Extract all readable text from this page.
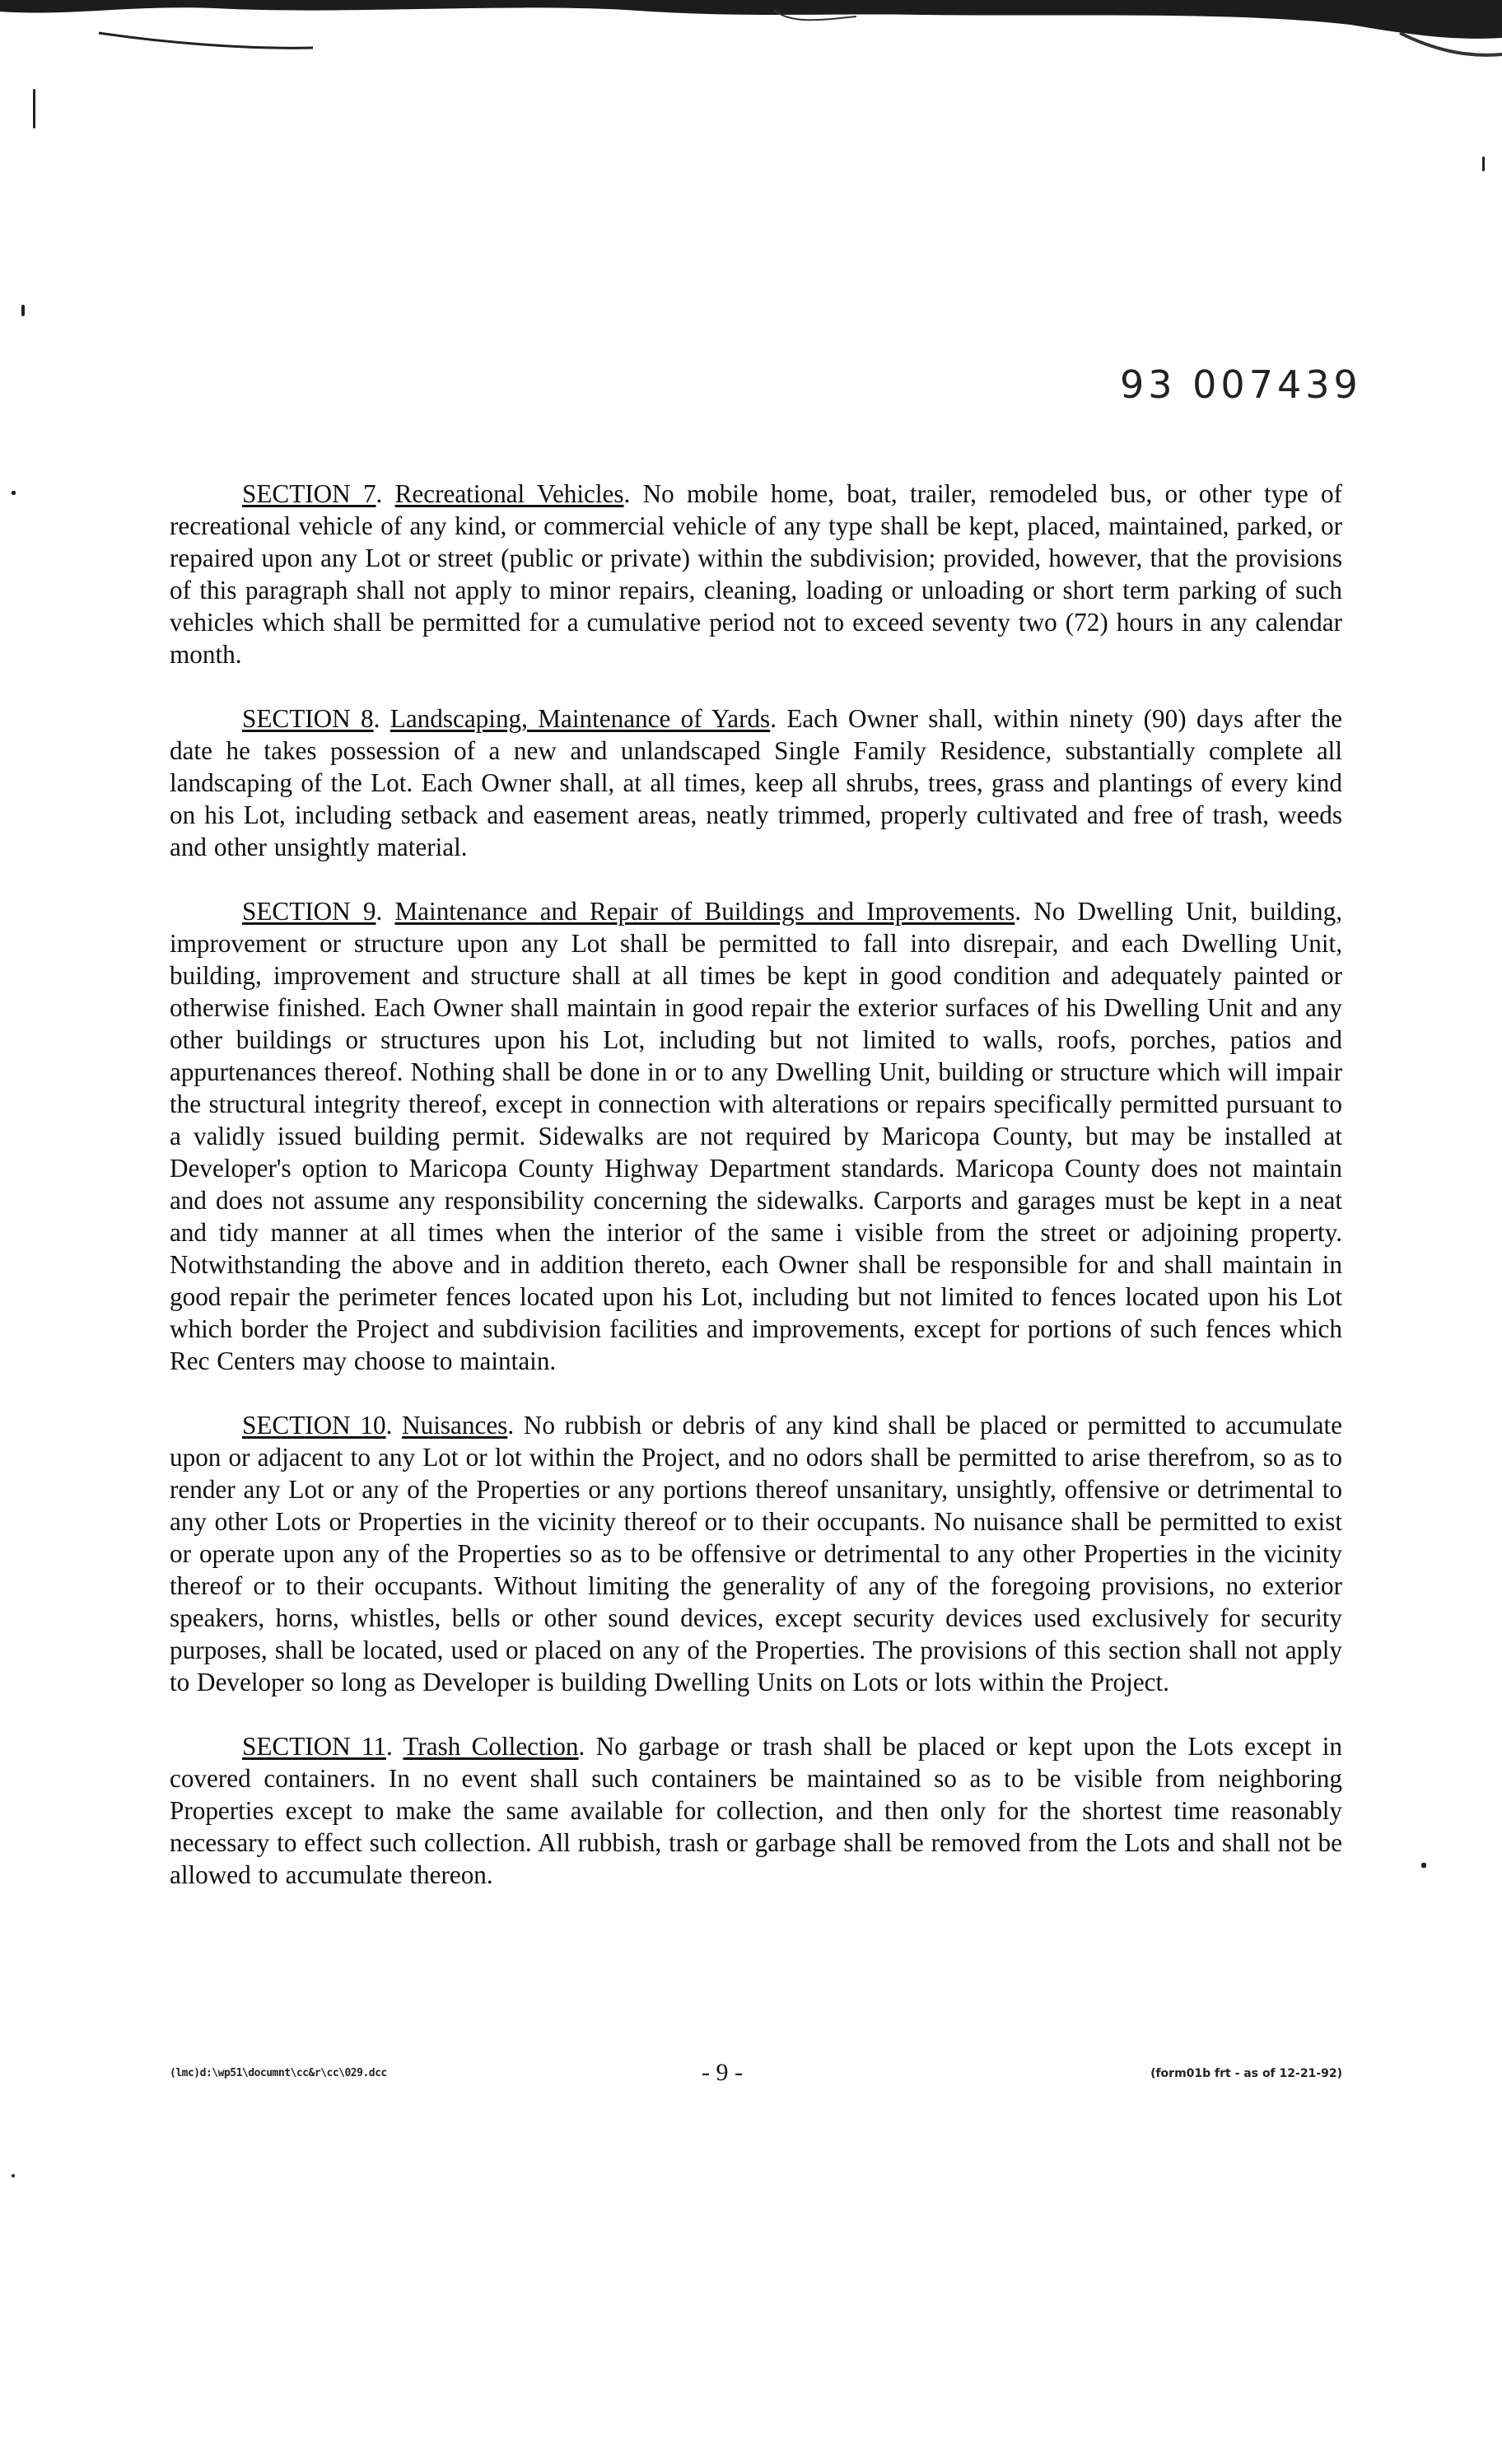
93 007439

SECTION 7. Recreational Vehicles. No mobile home, boat, trailer, remodeled bus, or other type of recreational vehicle of any kind, or commercial vehicle of any type shall be kept, placed, maintained, parked, or repaired upon any Lot or street (public or private) within the subdivision; provided, however, that the provisions of this paragraph shall not apply to minor repairs, cleaning, loading or unloading or short term parking of such vehicles which shall be permitted for a cumulative period not to exceed seventy two (72) hours in any calendar month.

SECTION 8. Landscaping, Maintenance of Yards. Each Owner shall, within ninety (90) days after the date he takes possession of a new and unlandscaped Single Family Residence, substantially complete all landscaping of the Lot. Each Owner shall, at all times, keep all shrubs, trees, grass and plantings of every kind on his Lot, including setback and easement areas, neatly trimmed, properly cultivated and free of trash, weeds and other unsightly material.

SECTION 9. Maintenance and Repair of Buildings and Improvements. No Dwelling Unit, building, improvement or structure upon any Lot shall be permitted to fall into disrepair, and each Dwelling Unit, building, improvement and structure shall at all times be kept in good condition and adequately painted or otherwise finished. Each Owner shall maintain in good repair the exterior surfaces of his Dwelling Unit and any other buildings or structures upon his Lot, including but not limited to walls, roofs, porches, patios and appurtenances thereof. Nothing shall be done in or to any Dwelling Unit, building or structure which will impair the structural integrity thereof, except in connection with alterations or repairs specifically permitted pursuant to a validly issued building permit. Sidewalks are not required by Maricopa County, but may be installed at Developer's option to Maricopa County Highway Department standards. Maricopa County does not maintain and does not assume any responsibility concerning the sidewalks. Carports and garages must be kept in a neat and tidy manner at all times when the interior of the same i visible from the street or adjoining property. Notwithstanding the above and in addition thereto, each Owner shall be responsible for and shall maintain in good repair the perimeter fences located upon his Lot, including but not limited to fences located upon his Lot which border the Project and subdivision facilities and improvements, except for portions of such fences which Rec Centers may choose to maintain.

SECTION 10. Nuisances. No rubbish or debris of any kind shall be placed or permitted to accumulate upon or adjacent to any Lot or lot within the Project, and no odors shall be permitted to arise therefrom, so as to render any Lot or any of the Properties or any portions thereof unsanitary, unsightly, offensive or detrimental to any other Lots or Properties in the vicinity thereof or to their occupants. No nuisance shall be permitted to exist or operate upon any of the Properties so as to be offensive or detrimental to any other Properties in the vicinity thereof or to their occupants. Without limiting the generality of any of the foregoing provisions, no exterior speakers, horns, whistles, bells or other sound devices, except security devices used exclusively for security purposes, shall be located, used or placed on any of the Properties. The provisions of this section shall not apply to Developer so long as Developer is building Dwelling Units on Lots or lots within the Project.

SECTION 11. Trash Collection. No garbage or trash shall be placed or kept upon the Lots except in covered containers. In no event shall such containers be maintained so as to be visible from neighboring Properties except to make the same available for collection, and then only for the shortest time reasonably necessary to effect such collection. All rubbish, trash or garbage shall be removed from the Lots and shall not be allowed to accumulate thereon.

(lmc)d:\wp51\documnt\cc&r\cc\029.dcc	- 9 -	(form01b frt - as of 12-21-92)
